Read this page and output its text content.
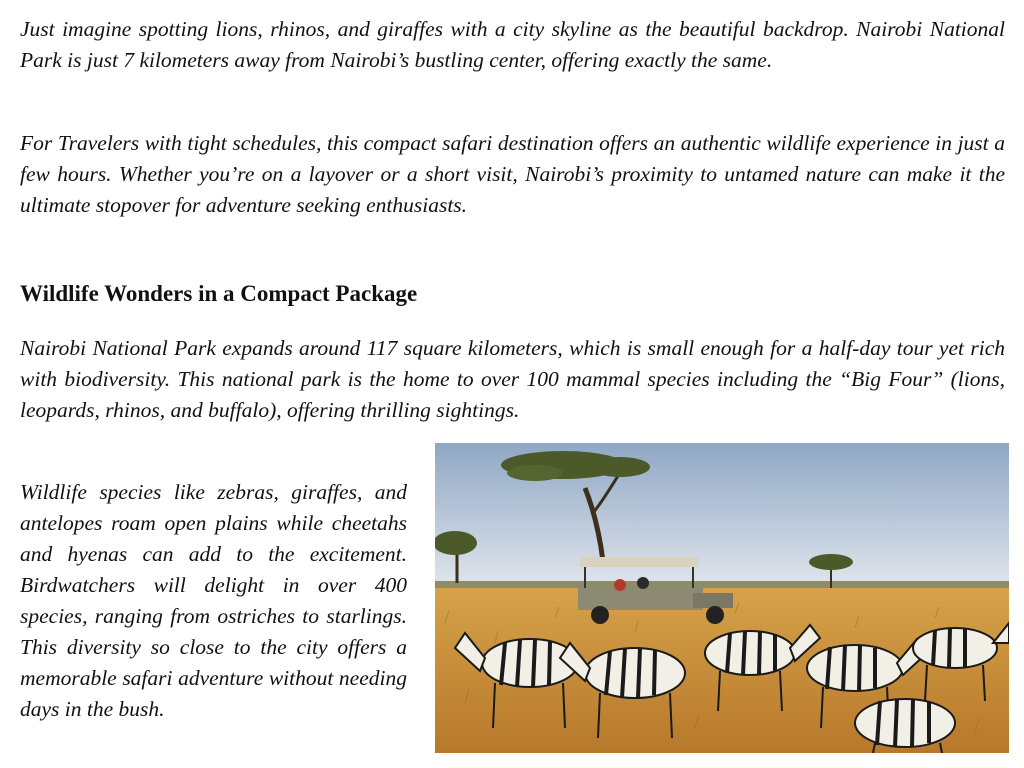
Just imagine spotting lions, rhinos, and giraffes with a city skyline as the beautiful backdrop. Nairobi National Park is just 7 kilometers away from Nairobi’s bustling center, offering exactly the same.

For Travelers with tight schedules, this compact safari destination offers an authentic wildlife experience in just a few hours. Whether you’re on a layover or a short visit, Nairobi’s proximity to untamed nature can make it the ultimate stopover for adventure seeking enthusiasts.

Wildlife Wonders in a Compact Package

Nairobi National Park expands around 117 square kilometers, which is small enough for a half-day tour yet rich with biodiversity. This national park is the home to over 100 mammal species including the “Big Four” (lions, leopards, rhinos, and buffalo), offering thrilling sightings.

Wildlife species like zebras, giraffes, and antelopes roam open plains while cheetahs and hyenas can add to the excitement. Birdwatchers will delight in over 400 species, ranging from ostriches to starlings. This diversity so close to the city offers a memorable safari adventure without needing days in the bush.
